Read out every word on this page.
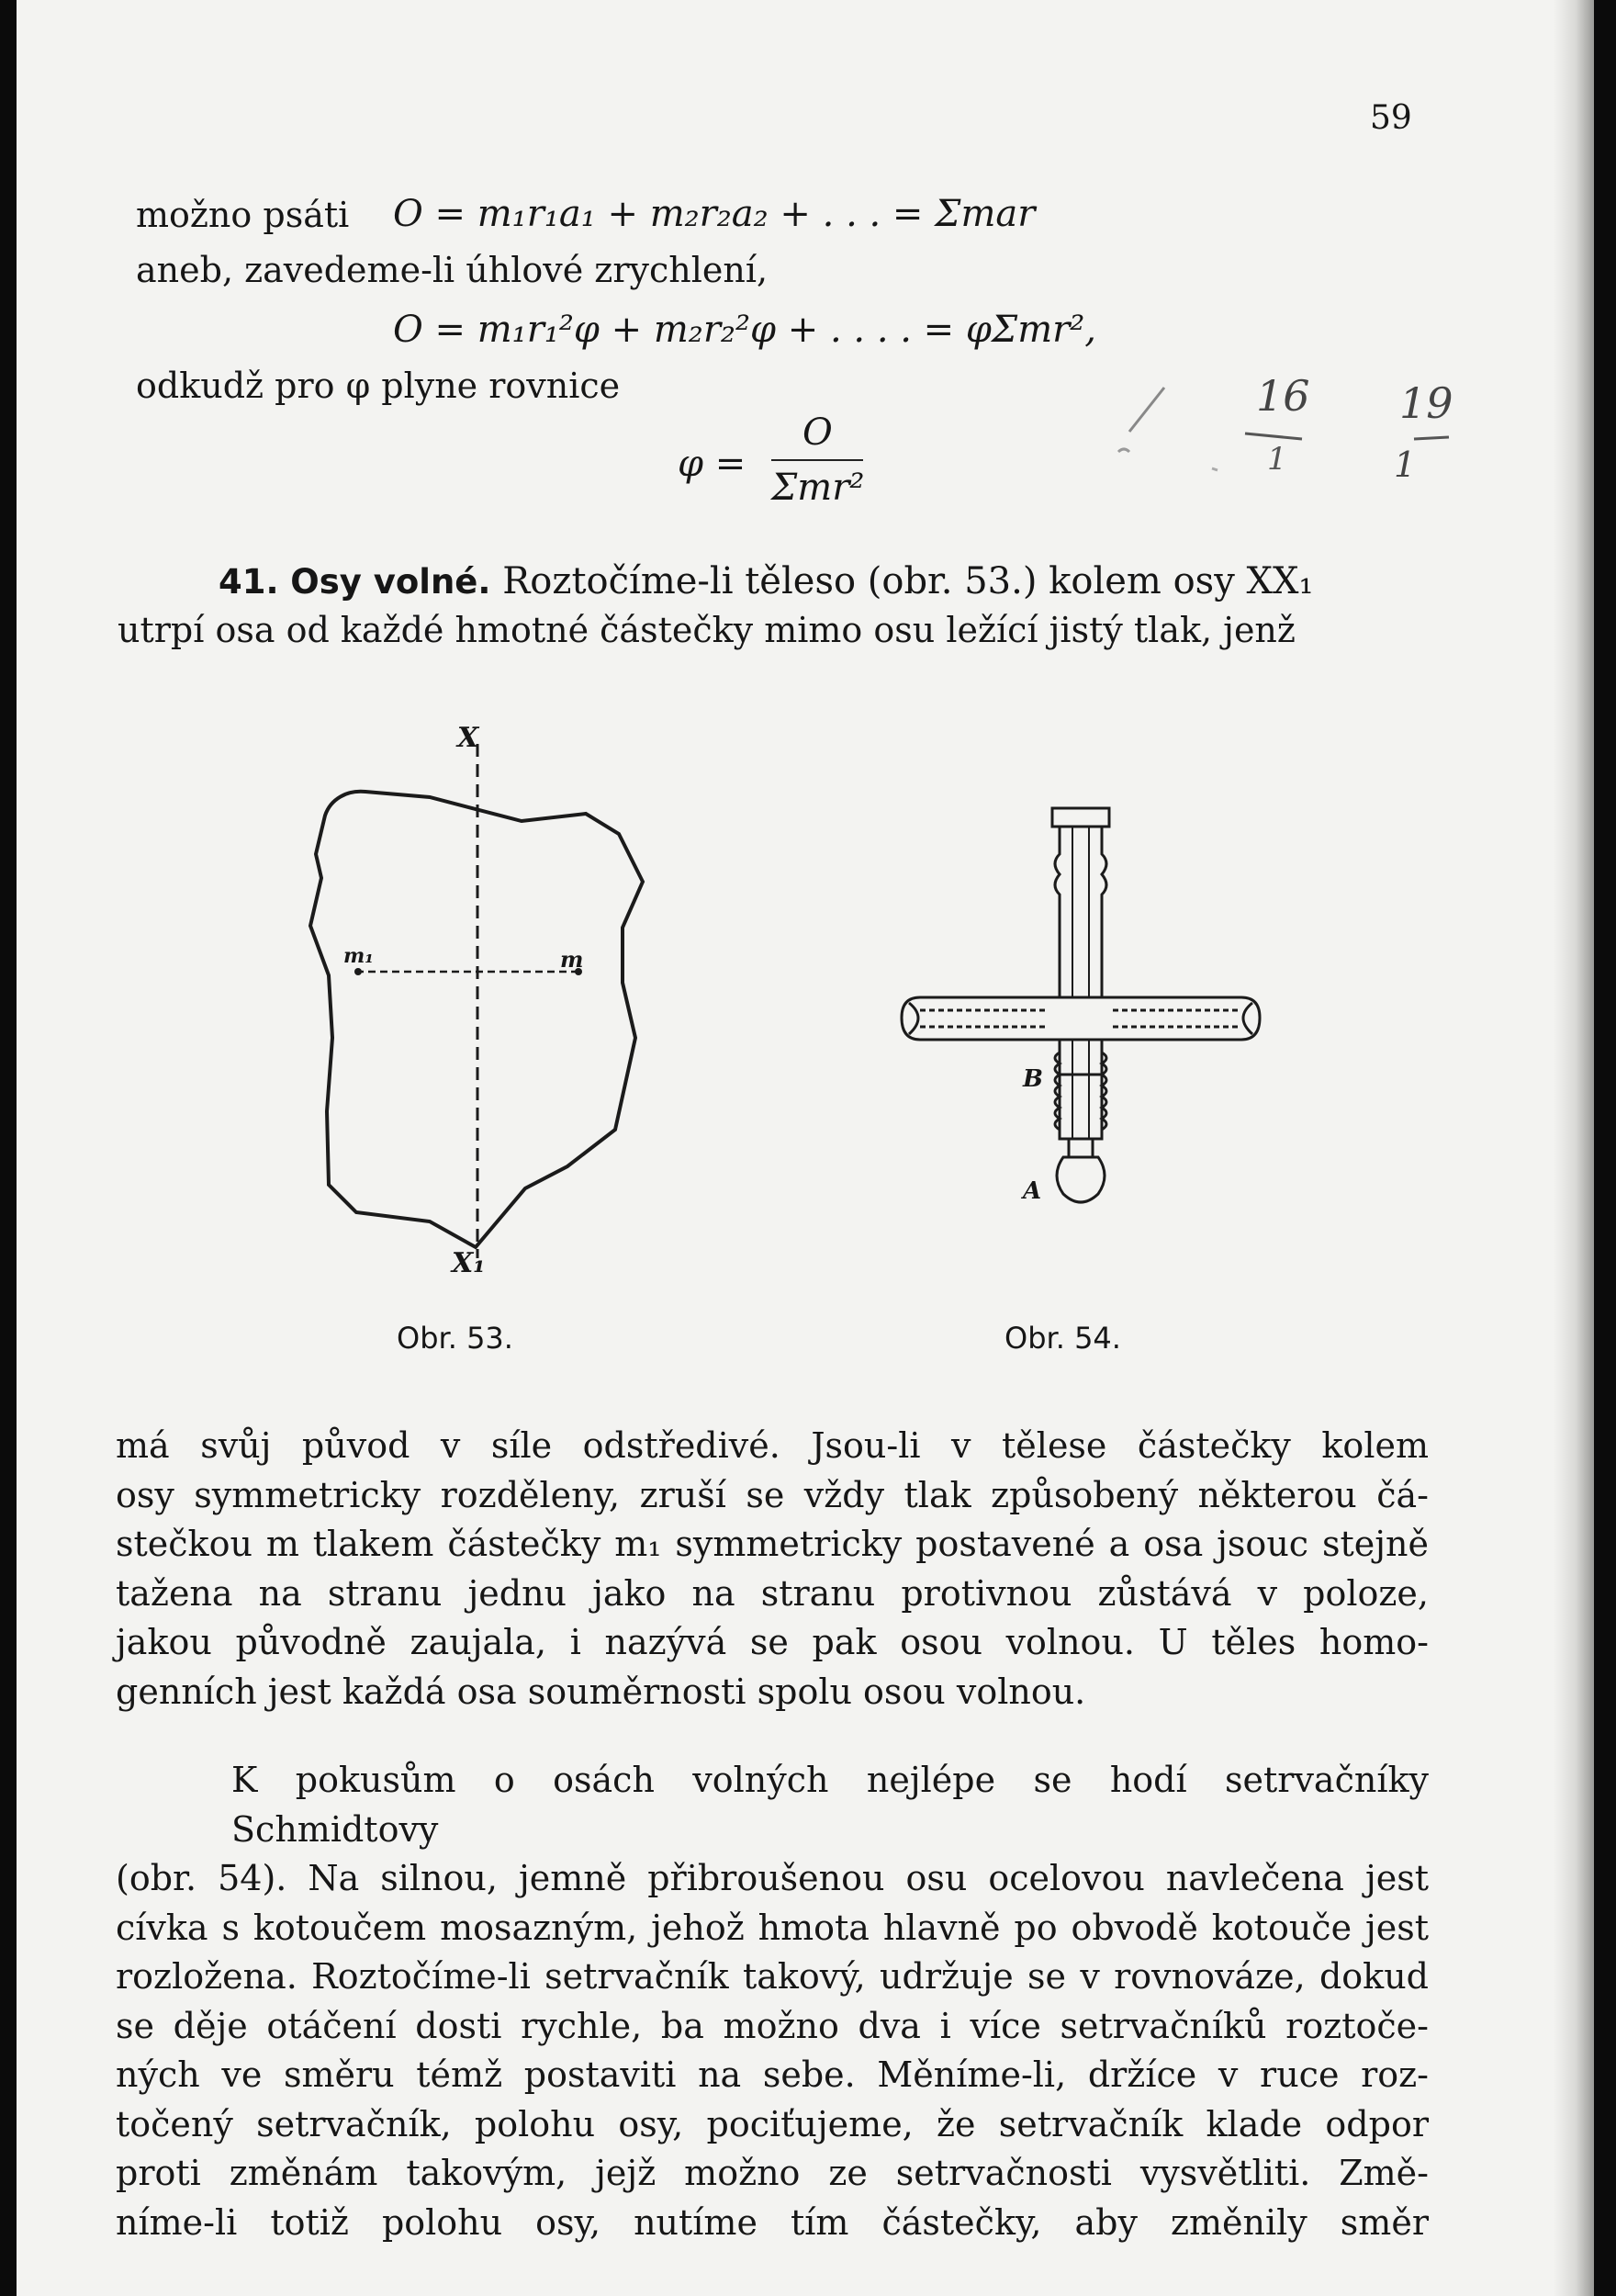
59
možno psáti O = m₁r₁a₁ + m₂r₂a₂ + . . . = Σmar
aneb, zavedeme-li úhlové zrychlení,
O = m₁r₁²φ + m₂r₂²φ + . . . . = φΣmr²,
odkudž pro φ plyne rovnice
φ =
O
Σmr²
16
1
19
1
41. Osy volné. Roztočíme-li těleso (obr. 53.) kolem osy XX₁
utrpí osa od každé hmotné částečky mimo osu ležící jistý tlak, jenž
X
X₁
m₁	m
Obr. 53.
B
A
Obr. 54.
má svůj původ v síle odstředivé. Jsou-li v tělese částečky kolem
osy symmetricky rozděleny, zruší se vždy tlak způsobený některou čá-
stečkou m tlakem částečky m₁ symmetricky postavené a osa jsouc stejně
tažena na stranu jednu jako na stranu protivnou zůstává v poloze,
jakou původně zaujala, i nazývá se pak osou volnou. U těles homo-
genních jest každá osa souměrnosti spolu osou volnou.
K pokusům o osách volných nejlépe se hodí setrvačníky Schmidtovy
(obr. 54). Na silnou, jemně přibroušenou osu ocelovou navlečena jest
cívka s kotoučem mosazným, jehož hmota hlavně po obvodě kotouče jest
rozložena. Roztočíme-li setrvačník takový, udržuje se v rovnováze, dokud
se děje otáčení dosti rychle, ba možno dva i více setrvačníků roztoče-
ných ve směru témž postaviti na sebe. Měníme-li, držíce v ruce roz-
točený setrvačník, polohu osy, pociťujeme, že setrvačník klade odpor
proti změnám takovým, jejž možno ze setrvačnosti vysvětliti. Změ-
níme-li totiž polohu osy, nutíme tím částečky, aby změnily směr
